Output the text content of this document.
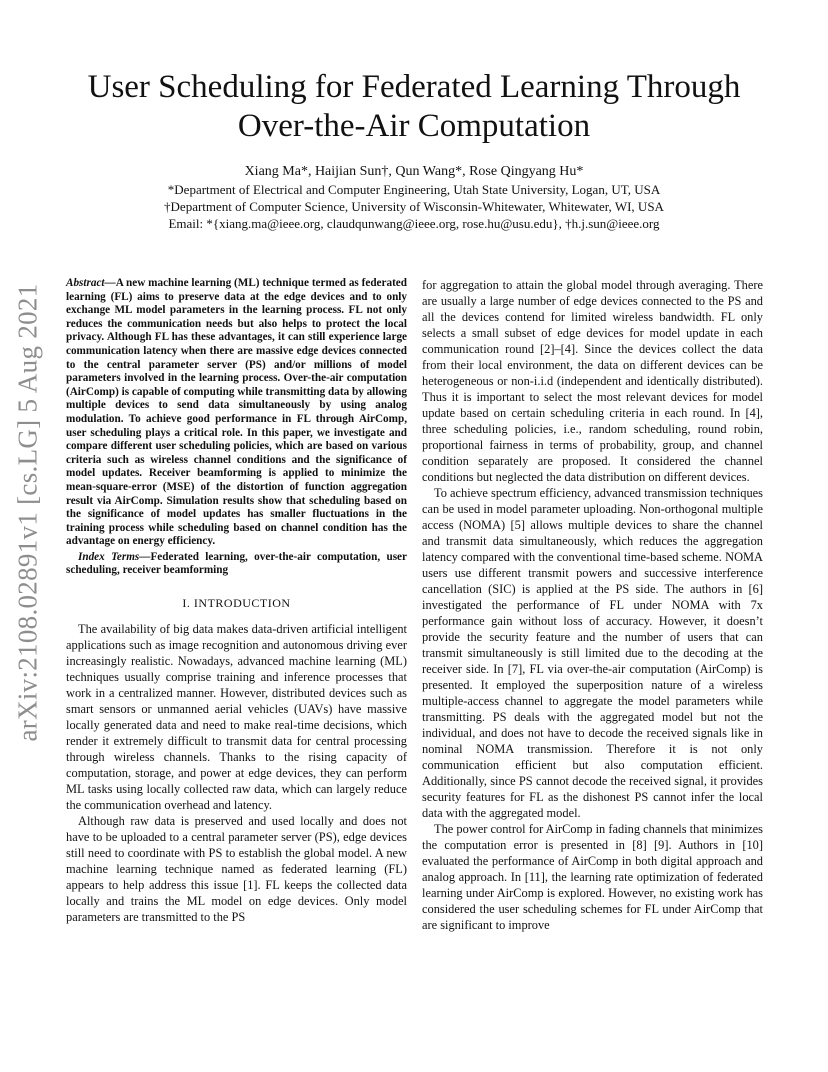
arXiv:2108.02891v1 [cs.LG] 5 Aug 2021
User Scheduling for Federated Learning Through Over-the-Air Computation
Xiang Ma*, Haijian Sun†, Qun Wang*, Rose Qingyang Hu*
*Department of Electrical and Computer Engineering, Utah State University, Logan, UT, USA
†Department of Computer Science, University of Wisconsin-Whitewater, Whitewater, WI, USA
Email: *{xiang.ma@ieee.org, claudqunwang@ieee.org, rose.hu@usu.edu}, †h.j.sun@ieee.org

Abstract—A new machine learning (ML) technique termed as federated learning (FL) aims to preserve data at the edge devices and to only exchange ML model parameters in the learning process. FL not only reduces the communication needs but also helps to protect the local privacy. Although FL has these advantages, it can still experience large communication latency when there are massive edge devices connected to the central parameter server (PS) and/or millions of model parameters involved in the learning process. Over-the-air computation (AirComp) is capable of computing while transmitting data by allowing multiple devices to send data simultaneously by using analog modulation. To achieve good performance in FL through AirComp, user scheduling plays a critical role. In this paper, we investigate and compare different user scheduling policies, which are based on various criteria such as wireless channel conditions and the significance of model updates. Receiver beamforming is applied to minimize the mean-square-error (MSE) of the distortion of function aggregation result via AirComp. Simulation results show that scheduling based on the significance of model updates has smaller fluctuations in the training process while scheduling based on channel condition has the advantage on energy efficiency.

Index Terms—Federated learning, over-the-air computation, user scheduling, receiver beamforming

I. INTRODUCTION

The availability of big data makes data-driven artificial intelligent applications such as image recognition and autonomous driving ever increasingly realistic. Nowadays, advanced machine learning (ML) techniques usually comprise training and inference processes that work in a centralized manner. However, distributed devices such as smart sensors or unmanned aerial vehicles (UAVs) have massive locally generated data and need to make real-time decisions, which render it extremely difficult to transmit data for central processing through wireless channels. Thanks to the rising capacity of computation, storage, and power at edge devices, they can perform ML tasks using locally collected raw data, which can largely reduce the communication overhead and latency.

Although raw data is preserved and used locally and does not have to be uploaded to a central parameter server (PS), edge devices still need to coordinate with PS to establish the global model. A new machine learning technique named as federated learning (FL) appears to help address this issue [1]. FL keeps the collected data locally and trains the ML model on edge devices. Only model parameters are transmitted to the PS

for aggregation to attain the global model through averaging. There are usually a large number of edge devices connected to the PS and all the devices contend for limited wireless bandwidth. FL only selects a small subset of edge devices for model update in each communication round [2]–[4]. Since the devices collect the data from their local environment, the data on different devices can be heterogeneous or non-i.i.d (independent and identically distributed). Thus it is important to select the most relevant devices for model update based on certain scheduling criteria in each round. In [4], three scheduling policies, i.e., random scheduling, round robin, proportional fairness in terms of probability, group, and channel condition separately are proposed. It considered the channel conditions but neglected the data distribution on different devices.

To achieve spectrum efficiency, advanced transmission techniques can be used in model parameter uploading. Non-orthogonal multiple access (NOMA) [5] allows multiple devices to share the channel and transmit data simultaneously, which reduces the aggregation latency compared with the conventional time-based scheme. NOMA users use different transmit powers and successive interference cancellation (SIC) is applied at the PS side. The authors in [6] investigated the performance of FL under NOMA with 7x performance gain without loss of accuracy. However, it doesn’t provide the security feature and the number of users that can transmit simultaneously is still limited due to the decoding at the receiver side. In [7], FL via over-the-air computation (AirComp) is presented. It employed the superposition nature of a wireless multiple-access channel to aggregate the model parameters while transmitting. PS deals with the aggregated model but not the individual, and does not have to decode the received signals like in nominal NOMA transmission. Therefore it is not only communication efficient but also computation efficient. Additionally, since PS cannot decode the received signal, it provides security features for FL as the dishonest PS cannot infer the local data with the aggregated model.

The power control for AirComp in fading channels that minimizes the computation error is presented in [8] [9]. Authors in [10] evaluated the performance of AirComp in both digital approach and analog approach. In [11], the learning rate optimization of federated learning under AirComp is explored. However, no existing work has considered the user scheduling schemes for FL under AirComp that are significant to improve
